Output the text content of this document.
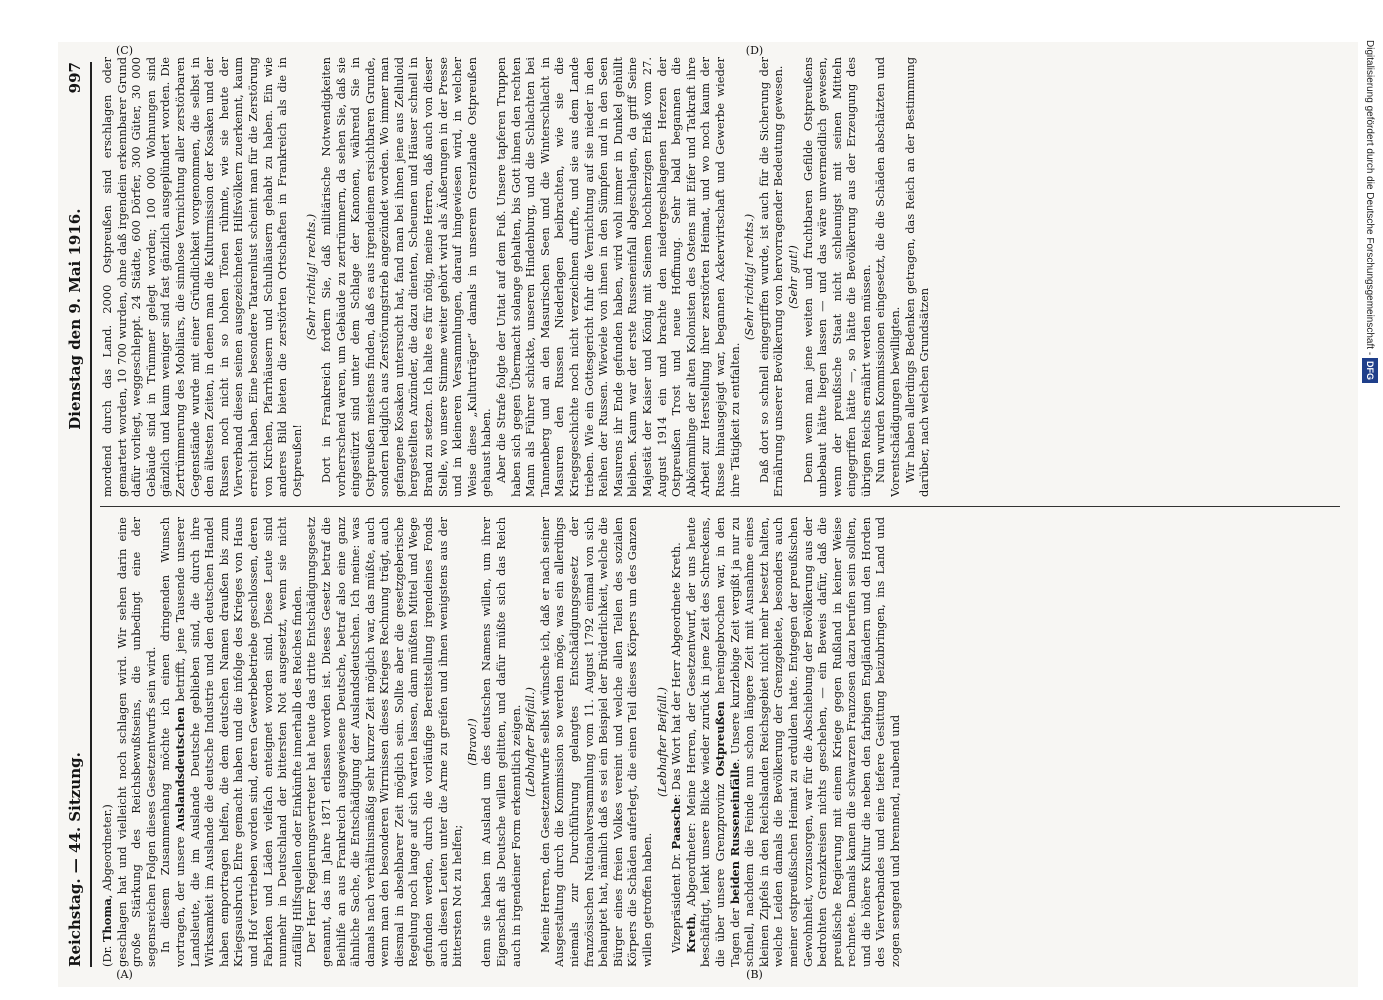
Reichstag. — 44. Sitzung.
Dienstag den 9. Mai 1916. 997

(Dr. Thoma, Abgeordneter.) geschlagen hat und vielleicht noch schlagen wird. Wir sehen darin eine große Stärkung des Reichsbewußtseins, die unbedingt eine der segensreichen Folgen dieses Gesetzentwurfs sein wird. In diesem Zusammenhang möchte ich einen dringenden Wunsch vortragen, der unsere Auslandsdeutschen betrifft, jene Tausende unserer Landsleute, die im Auslande Deutsche geblieben sind, die durch ihre Wirksamkeit im Auslande die deutsche Industrie und den deutschen Handel haben emportragen helfen, die dem deutschen Namen draußen bis zum Kriegsausbruch Ehre gemacht haben und die infolge des Krieges von Haus und Hof vertrieben worden sind, deren Gewerbebetriebe geschlossen, deren Fabriken und Läden vielfach enteignet worden sind. Diese Leute sind nunmehr in Deutschland der bittersten Not ausgesetzt, wenn sie nicht zufällig Hilfsquellen oder Einkünfte innerhalb des Reiches finden. Der Herr Regierungsvertreter hat heute das dritte Entschädigungsgesetz genannt, das im Jahre 1871 erlassen worden ist. Dieses Gesetz betraf die Beihilfe an aus Frankreich ausgewiesene Deutsche, betraf also eine ganz ähnliche Sache, die Entschädigung der Auslandsdeutschen. Ich meine: was damals nach verhältnismäßig sehr kurzer Zeit möglich war, das müßte, auch wenn man den besonderen Wirrnissen dieses Krieges Rechnung trägt, auch diesmal in absehbarer Zeit möglich sein. Sollte aber die gesetzgeberische Regelung noch lange auf sich warten lassen, dann müßten Mittel und Wege gefunden werden, durch die vorläufige Bereitstellung irgendeines Fonds auch diesen Leuten unter die Arme zu greifen und ihnen wenigstens aus der bittersten Not zu helfen;

(Bravo!) denn sie haben im Ausland um des deutschen Namens willen, um ihrer Eigenschaft als Deutsche willen gelitten, und dafür müßte sich das Reich auch in irgendeiner Form erkenntlich zeigen. (Lebhafter Beifall.) Meine Herren, den Gesetzentwurfe selbst wünsche ich, daß er nach seiner Ausgestaltung durch die Kommission so werden möge, was ein allerdings niemals zur Durchführung gelangtes Entschädigungsgesetz der französischen Nationalversammlung vom 11. August 1792 einmal von sich behauptet hat, nämlich daß es sei ein Beispiel der Brüderlichkeit, welche die Bürger eines freien Volkes vereint und welche allen Teilen des sozialen Körpers die Schäden auferlegt, die einen Teil dieses Körpers um des Ganzen willen getroffen haben.

(Lebhafter Beifall.)

Vizepräsident Dr. Paasche: Das Wort hat der Herr Abgeordnete Kreth.

Kreth, Abgeordneter: Meine Herren, der Gesetzentwurf, der uns heute beschäftigt, lenkt unsere Blicke wieder zurück in jene Zeit des Schreckens, die über unsere Grenzprovinz Ostpreußen hereingebrochen war, in den Tagen der beiden Russeneinfälle. Unsere kurzlebige Zeit vergißt ja nur zu schnell, nachdem die Feinde nun schon längere Zeit mit Ausnahme eines kleinen Zipfels in den Reichslanden Reichsgebiet nicht mehr besetzt halten, welche Leiden damals die Bevölkerung der Grenzgebiete, besonders auch meiner ostpreußischen Heimat zu erdulden hatte. Entgegen der preußischen Gewohnheit, vorzusorgen, war für die Abschiebung der Bevölkerung aus der bedrohten Grenzkreisen nichts geschehen, — ein Beweis dafür, daß die preußische Regierung mit einem Kriege gegen Rußland in keiner Weise rechnete. Damals kamen die schwarzen Franzosen dazu berufen sein sollten, und die höhere Kultur die neben den farbigen Engländern und den Horden des Vierverbandes und eine tiefere Gesittung beizubringen, ins Land und zogen sengend und brennend, raubend und

mordend durch das Land. 2000 Ostpreußen sind erschlagen oder gemartert worden, 10 700 wurden, ohne daß irgendein erkennbarer Grund dafür vorliegt, weggeschleppt. 24 Städte, 600 Dörfer, 300 Güter, 30 000 Gebäude sind in Trümmer gelegt worden; 100 000 Wohnungen sind gänzlich und kaum weniger sind fast gänzlich ausgeplündert worden. Die Zertrümmerung des Mobiliars, die sinnlose Vernichtung aller zerstörbaren Gegenstände wurde mit einer Gründlichkeit vorgenommen, die selbst in den ältesten Zeiten, in denen man die Kulturmission der Kosaken und der Russen noch nicht in so hohen Tönen rühmte, wie sie heute der Vierverband diesen seinen ausgezeichneten Hilfsvölkern zuerkennt, kaum erreicht haben. Eine besondere Tatarenlust scheint man für die Zerstörung von Kirchen, Pfarrhäusern und Schulhäusern gehabt zu haben. Ein wie anderes Bild bieten die zerstörten Ortschaften in Frankreich als die in Ostpreußen!

(Sehr richtig! rechts.) Dort in Frankreich fordern Sie, daß militärische Notwendigkeiten vorherrschend waren, um Gebäude zu zertrümmern, da sehen Sie, daß sie eingestürzt sind unter dem Schlage der Kanonen, während Sie in Ostpreußen meistens finden, daß es aus irgendeinem ersichtbaren Grunde, sondern lediglich aus Zerstörungstrieb angezündet worden. Wo immer man gefangene Kosaken untersucht hat, fand man bei ihnen jene aus Zelluloid hergestellten Anzünder, die dazu dienten, Scheunen und Häuser schnell in Brand zu setzen. Ich halte es für nötig, meine Herren, daß auch von dieser Stelle, wo unsere Stimme weiter gehört wird als Äußerungen in der Presse und in kleineren Versammlungen, darauf hingewiesen wird, in welcher Weise diese „Kulturträger“ damals in unserem Grenzlande Ostpreußen gehaust haben. Aber die Strafe folgte der Untat auf dem Fuß. Unsere tapferen Truppen haben sich gegen Übermacht solange gehalten, bis Gott ihnen den rechten Mann als Führer schickte, unseren Hindenburg, und die Schlachten bei Tannenberg und an den Masurischen Seen und die Winterschlacht in Masuren den Russen Niederlagen beibrachten, wie sie die Kriegsgeschichte noch nicht verzeichnen durfte, und sie aus dem Lande trieben. Wie ein Gottesgericht fuhr die Vernichtung auf sie nieder in den Reihen der Russen. Wieviele von ihnen in den Sümpfen und in den Seen Masurens ihr Ende gefunden haben, wird wohl immer in Dunkel gehüllt bleiben. Kaum war der erste Russeneinfall abgeschlagen, da griff Seine Majestät der Kaiser und König mit Seinem hochherzigen Erlaß vom 27. August 1914 ein und brachte den niedergeschlagenen Herzen der Ostpreußen Trost und neue Hoffnung. Sehr bald begannen die Abkömmlinge der alten Kolonisten des Ostens mit Eifer und Tatkraft ihre Arbeit zur Herstellung ihrer zerstörten Heimat, und wo noch kaum der Russe hinausgejagt war, begannen Ackerwirtschaft und Gewerbe wieder ihre Tätigkeit zu entfalten.

(Sehr richtig! rechts.) Daß dort so schnell eingegriffen wurde, ist auch für die Sicherung der Ernährung unserer Bevölkerung von hervorragender Bedeutung gewesen. (Sehr gut!) Denn wenn man jene weiten und fruchtbaren Gefilde Ostpreußens unbebaut hätte liegen lassen — und das wäre unvermeidlich gewesen, wenn der preußische Staat nicht schleunigst mit seinen Mitteln eingegriffen hätte —, so hätte die Bevölkerung aus der Erzeugung des übrigen Reichs ernährt werden müssen. Nun wurden Kommissionen eingesetzt, die die Schäden abschätzten und Vorentschädigungen bewilligten. Wir haben allerdings Bedenken getragen, das Reich an der Bestimmung darüber, nach welchen Grundsätzen

(A)	(B)
(C)	(D)	Digitalisierung gefördert durch die Deutsche Forschungsgemeinschaft - DFG
